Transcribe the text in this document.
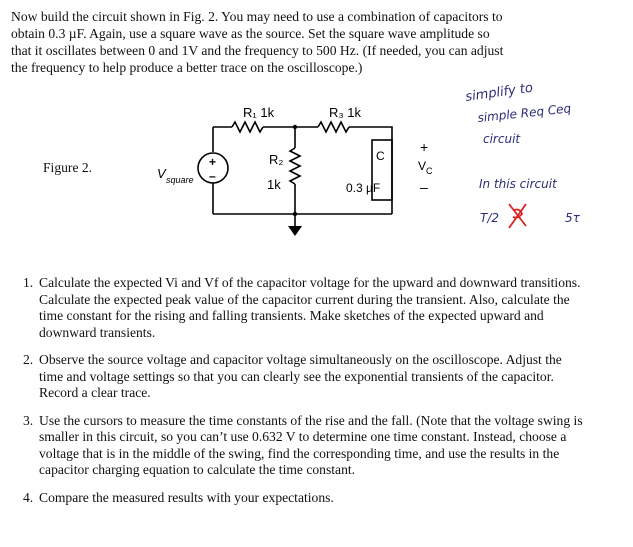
Now build the circuit shown in Fig. 2. You may need to use a combination of capacitors to
obtain 0.3 µF. Again, use a square wave as the source. Set the square wave amplitude so
that it oscillates between 0 and 1V and the frequency to 500 Hz. (If needed, you can adjust
the frequency to help produce a better trace on the oscilloscope.)
Figure 2.
R₁ 1k	R₃ 1k
R₂
1k
C
0.3 µF
+
V C
–
+
–
V square
simplify to
simple Req Ceq
circuit
In this circuit
T/2	5τ
1. Calculate the expected Vi and Vf of the capacitor voltage for the upward and downward transitions. Calculate the expected peak value of the capacitor current during the transient. Also, calculate the time constant for the rising and falling transients. Make sketches of the expected upward and downward transients.
2. Observe the source voltage and capacitor voltage simultaneously on the oscilloscope. Adjust the time and voltage settings so that you can clearly see the exponential transients of the capacitor. Record a clear trace.
3. Use the cursors to measure the time constants of the rise and the fall. (Note that the voltage swing is smaller in this circuit, so you can’t use 0.632 V to determine one time constant. Instead, choose a voltage that is in the middle of the swing, find the corresponding time, and use the results in the capacitor charging equation to calculate the time constant.
4. Compare the measured results with your expectations.
